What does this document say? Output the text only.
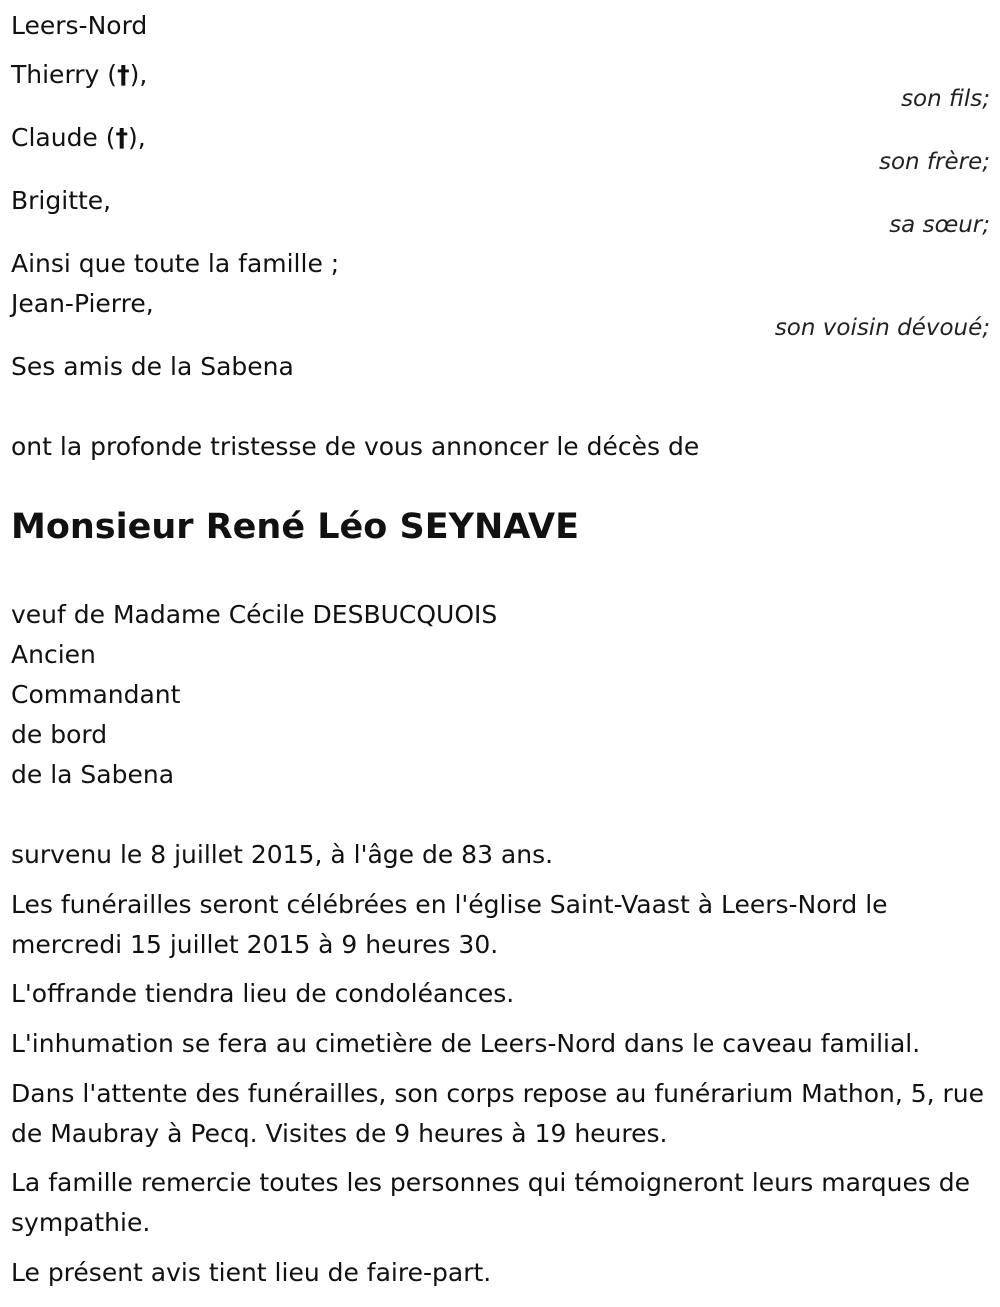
Leers-Nord
Thierry (†),
son fils;
Claude (†),
son frère;
Brigitte,
sa sœur;
Ainsi que toute la famille ;
Jean-Pierre,
son voisin dévoué;
Ses amis de la Sabena
ont la profonde tristesse de vous annoncer le décès de
Monsieur René Léo SEYNAVE
veuf de Madame Cécile DESBUCQUOIS
Ancien
Commandant
de bord
de la Sabena
survenu le 8 juillet 2015, à l'âge de 83 ans.
Les funérailles seront célébrées en l'église Saint-Vaast à Leers-Nord le mercredi 15 juillet 2015 à 9 heures 30.
L'offrande tiendra lieu de condoléances.
L'inhumation se fera au cimetière de Leers-Nord dans le caveau familial.
Dans l'attente des funérailles, son corps repose au funérarium Mathon, 5, rue de Maubray à Pecq. Visites de 9 heures à 19 heures.
La famille remercie toutes les personnes qui témoigneront leurs marques de sympathie.
Le présent avis tient lieu de faire-part.
